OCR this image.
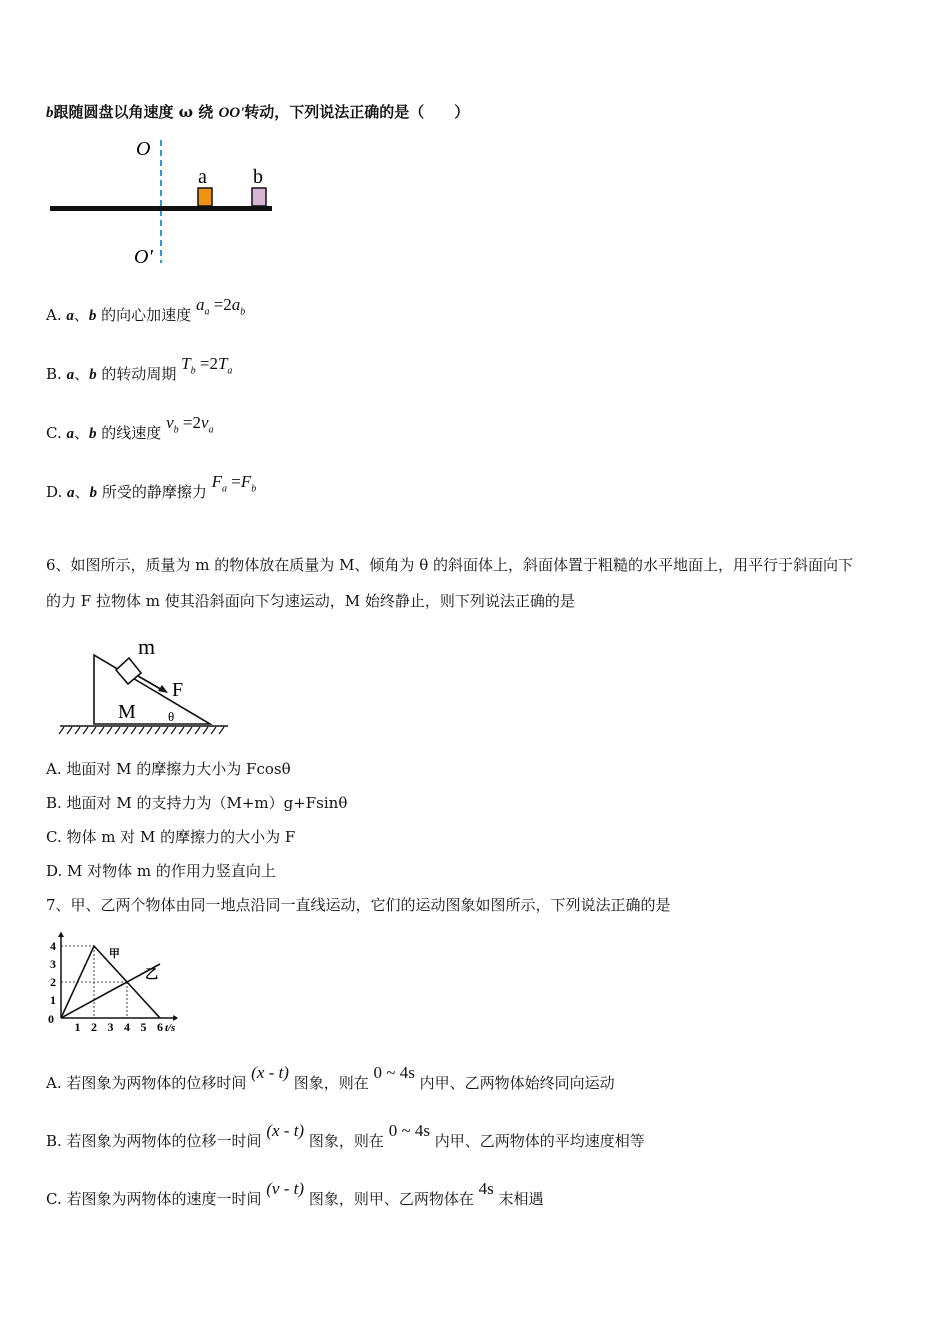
b跟随圆盘以角速度 ω 绕 OO'转动，下列说法正确的是（　　）
O
a b
O'
A. a、b 的向心加速度 $a_a =2a_b$
B. a、b 的转动周期 $T_b =2T_a$
C. a、b 的线速度 $v_b =2v_a$
D. a、b 所受的静摩擦力 $F_a =F_b$
6、如图所示，质量为 m 的物体放在质量为 M、倾角为 θ 的斜面体上，斜面体置于粗糙的水平地面上，用平行于斜面向下
的力 F 拉物体 m 使其沿斜面向下匀速运动，M 始终静止，则下列说法正确的是
m
F
M θ
A. 地面对 M 的摩擦力大小为 Fcosθ
B. 地面对 M 的支持力为（M+m）g+Fsinθ
C. 物体 m 对 M 的摩擦力的大小为 F
D. M 对物体 m 的作用力竖直向上
7、甲、乙两个物体由同一地点沿同一直线运动，它们的运动图象如图所示，下列说法正确的是
1 2 3 4 5 6
1
2
3
4
0
t/s
甲
乙
A. 若图象为两物体的位移时间 (x - t) 图象，则在 0 ~ 4s 内甲、乙两物体始终同向运动
B. 若图象为两物体的位移一时间 (x - t) 图象，则在 0 ~ 4s 内甲、乙两物体的平均速度相等
C. 若图象为两物体的速度一时间 (v - t) 图象，则甲、乙两物体在 4s 末相遇
